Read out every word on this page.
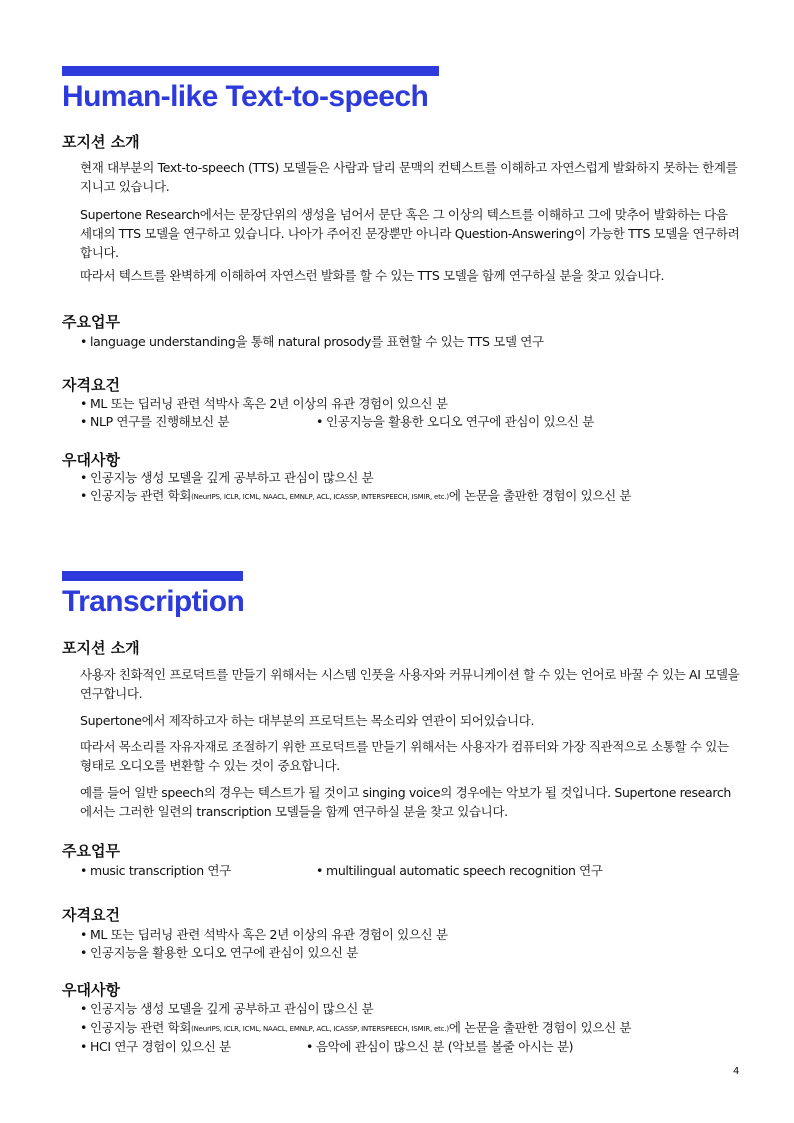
Human-like Text-to-speech
포지션 소개

현재 대부분의 Text-to-speech (TTS) 모델들은 사람과 달리 문맥의 컨텍스트를 이해하고 자연스럽게 발화하지 못하는 한계를 지니고 있습니다.

Supertone Research에서는 문장단위의 생성을 넘어서 문단 혹은 그 이상의 텍스트를 이해하고 그에 맞추어 발화하는 다음 세대의 TTS 모델을 연구하고 있습니다. 나아가 주어진 문장뿐만 아니라 Question-Answering이 가능한 TTS 모델을 연구하려합니다.

따라서 텍스트를 완벽하게 이해하여 자연스런 발화를 할 수 있는 TTS 모델을 함께 연구하실 분을 찾고 있습니다.

주요업무
• language understanding을 통해 natural prosody를 표현할 수 있는 TTS 모델 연구
자격요건
• ML 또는 딥러닝 관련 석박사 혹은 2년 이상의 유관 경험이 있으신 분
• NLP 연구를 진행해보신 분	• 인공지능을 활용한 오디오 연구에 관심이 있으신 분
우대사항
• 인공지능 생성 모델을 깊게 공부하고 관심이 많으신 분
• 인공지능 관련 학회(NeurIPS, ICLR, ICML, NAACL, EMNLP, ACL, ICASSP, INTERSPEECH, ISMIR, etc.)에 논문을 출판한 경험이 있으신 분
Transcription
포지션 소개

사용자 친화적인 프로덕트를 만들기 위해서는 시스템 인풋을 사용자와 커뮤니케이션 할 수 있는 언어로 바꿀 수 있는 AI 모델을 연구합니다.

Supertone에서 제작하고자 하는 대부분의 프로덕트는 목소리와 연관이 되어있습니다.

따라서 목소리를 자유자재로 조절하기 위한 프로덕트를 만들기 위해서는 사용자가 컴퓨터와 가장 직관적으로 소통할 수 있는 형태로 오디오를 변환할 수 있는 것이 중요합니다.

예를 들어 일반 speech의 경우는 텍스트가 될 것이고 singing voice의 경우에는 악보가 될 것입니다. Supertone research에서는 그러한 일련의 transcription 모델들을 함께 연구하실 분을 찾고 있습니다.

주요업무
• music transcription 연구	• multilingual automatic speech recognition 연구
자격요건
• ML 또는 딥러닝 관련 석박사 혹은 2년 이상의 유관 경험이 있으신 분
• 인공지능을 활용한 오디오 연구에 관심이 있으신 분
우대사항
• 인공지능 생성 모델을 깊게 공부하고 관심이 많으신 분
• 인공지능 관련 학회(NeurIPS, ICLR, ICML, NAACL, EMNLP, ACL, ICASSP, INTERSPEECH, ISMIR, etc.)에 논문을 출판한 경험이 있으신 분
• HCI 연구 경험이 있으신 분	• 음악에 관심이 많으신 분 (악보를 볼줄 아시는 분)
4
